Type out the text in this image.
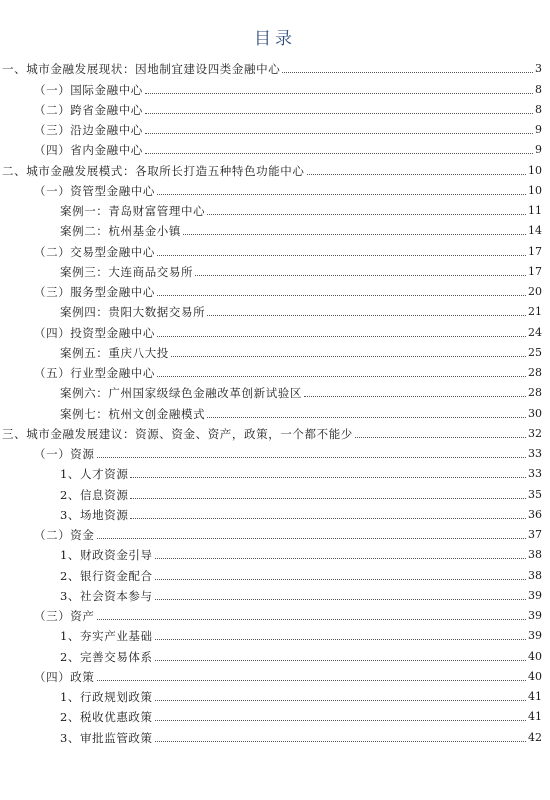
目录
一、城市金融发展现状：因地制宜建设四类金融中心	3
（一）国际金融中心	8
（二）跨省金融中心	8
（三）沿边金融中心	9
（四）省内金融中心	9
二、城市金融发展模式：各取所长打造五种特色功能中心	10
（一）资管型金融中心	10
案例一：青岛财富管理中心	11
案例二：杭州基金小镇	14
（二）交易型金融中心	17
案例三：大连商品交易所	17
（三）服务型金融中心	20
案例四：贵阳大数据交易所	21
（四）投资型金融中心	24
案例五：重庆八大投	25
（五）行业型金融中心	28
案例六：广州国家级绿色金融改革创新试验区	28
案例七：杭州文创金融模式	30
三、城市金融发展建议：资源、资金、资产，政策，一个都不能少	32
（一）资源	33
1、人才资源	33
2、信息资源	35
3、场地资源	36
（二）资金	37
1、财政资金引导	38
2、银行资金配合	38
3、社会资本参与	39
（三）资产	39
1、夯实产业基础	39
2、完善交易体系	40
（四）政策	40
1、行政规划政策	41
2、税收优惠政策	41
3、审批监管政策	42
